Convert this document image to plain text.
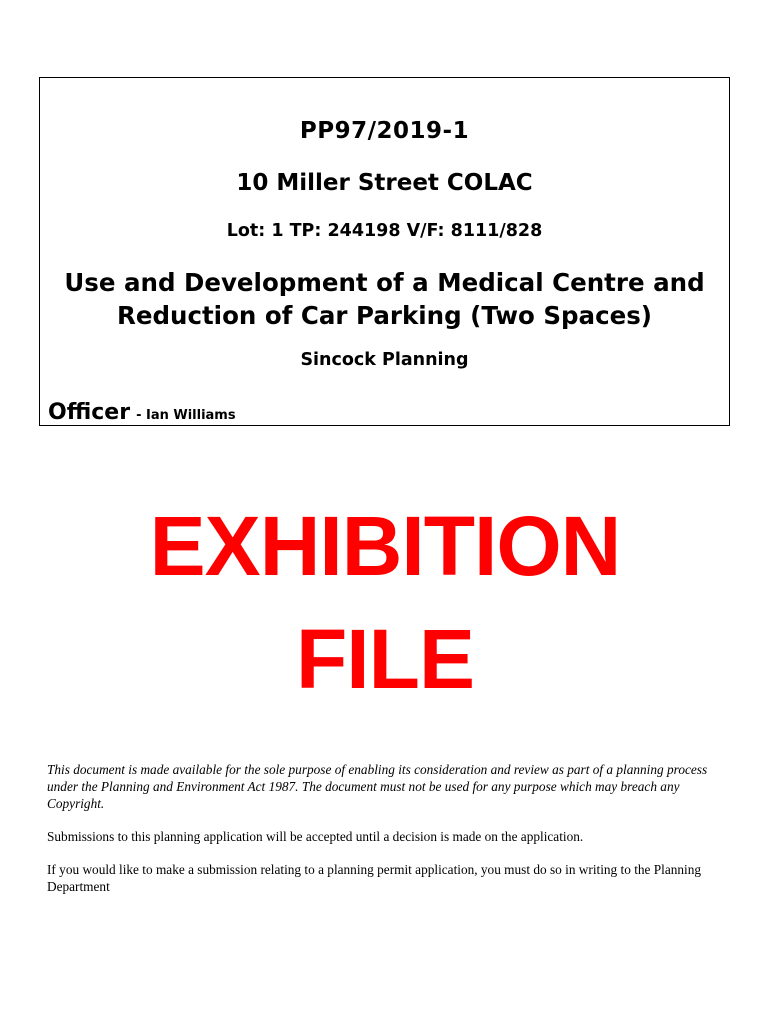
PP97/2019-1

10 Miller Street COLAC

Lot: 1 TP: 244198 V/F: 8111/828

Use and Development of a Medical Centre and
Reduction of Car Parking (Two Spaces)

Sincock Planning

Officer - Ian Williams
EXHIBITION
FILE

This document is made available for the sole purpose of enabling its consideration and review as part of a planning process under the Planning and Environment Act 1987. The document must not be used for any purpose which may breach any Copyright.

Submissions to this planning application will be accepted until a decision is made on the application.

If you would like to make a submission relating to a planning permit application, you must do so in writing to the Planning Department
